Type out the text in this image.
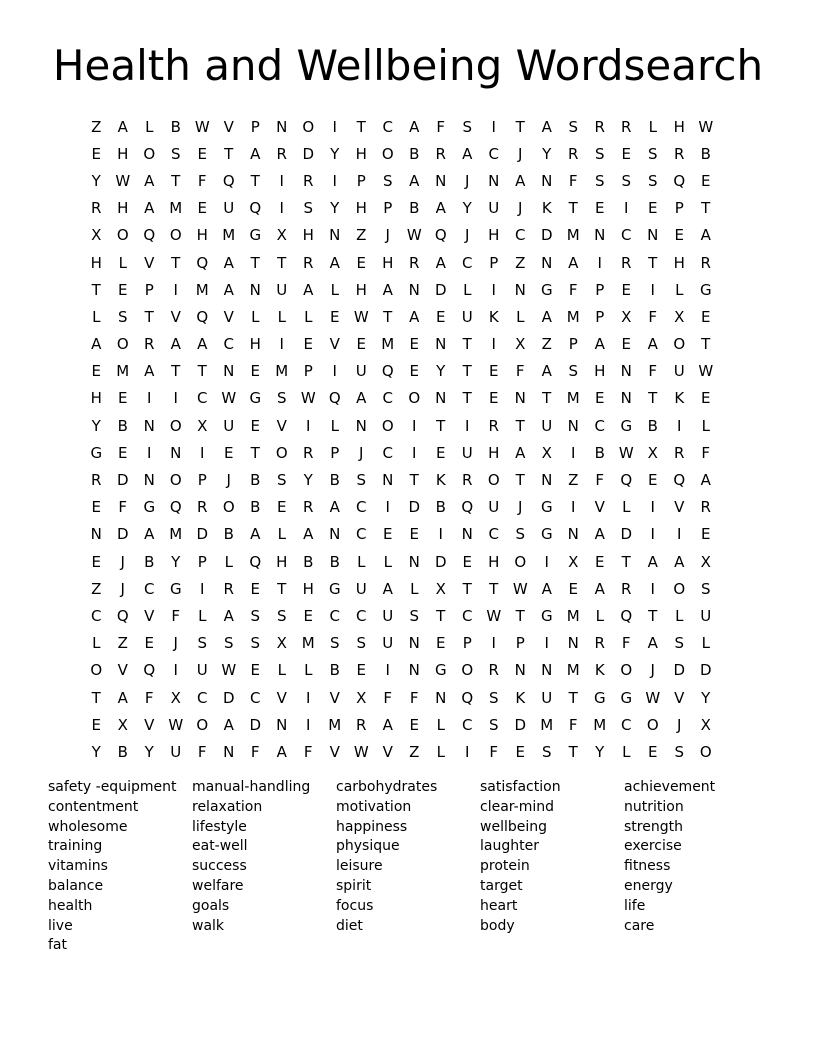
Health and Wellbeing Wordsearch
Z	A	L	B W V	P	N O	I	T	C	A	F	S	I	T	A	S	R	R	L	H W
E	H O	S	E	T	A	R	D	Y	H O	B	R	A	C	J	Y	R	S	E	S	R	B
Y W A	T	F	Q	T	I	R	I	P	S	A	N	J	N	A	N	F	S	S	S	Q	E
R	H	A M	E	U	Q	I	S	Y	H	P	B	A	Y	U	J	K	T	E	I	E	P	T
X	O Q O H M G	X	H	N	Z	J	W Q	J	H	C	D M N	C	N	E	A
H	L	V	T	Q	A	T	T	R	A	E	H	R	A	C	P	Z	N	A	I	R	T	H	R
T	E	P	I	M A	N	U	A	L	H	A	N	D	L	I	N	G	F	P	E	I	L	G
L	S	T	V	Q	V	L	L	L	E W T	A	E	U	K	L	A M	P	X	F	X	E
A	O	R	A	A	C	H	I	E	V	E	M	E	N	T	I	X	Z	P	A	E	A	O	T
E	M A	T	T	N	E	M	P	I	U	Q	E	Y	T	E	F	A	S	H	N	F	U W
H	E	I	I	C W G	S W Q	A	C	O N	T	E	N	T	M	E	N	T	K	E
Y	B	N O	X	U	E	V	I	L	N O	I	T	I	R	T	U	N	C	G	B	I	L
G	E	I	N	I	E	T	O	R	P	J	C	I	E	U	H	A	X	I	B W X	R	F
R	D	N O	P	J	B	S	Y	B	S	N	T	K	R	O	T	N	Z	F	Q	E	Q	A
E	F	G Q	R	O	B	E	R	A	C	I	D	B	Q	U	J	G	I	V	L	I	V	R
N	D	A M D	B	A	L	A	N	C	E	E	I	N	C	S	G	N	A	D	I	I	E
E	J	B	Y	P	L	Q H	B	B	L	L	N	D	E	H O	I	X	E	T	A	A	X
Z	J	C	G	I	R	E	T	H	G	U	A	L	X	T	T W A	E	A	R	I	O	S
C	Q	V	F	L	A	S	S	E	C	C	U	S	T	C W T	G M	L	Q	T	L	U
L	Z	E	J	S	S	S	X M	S	S	U	N	E	P	I	P	I	N	R	F	A	S	L
O	V	Q	I	U W E	L	L	B	E	I	N	G O	R	N	N M	K	O	J	D D
T	A	F	X	C	D	C	V	I	V	X	F	F	N Q	S	K	U	T	G G W V	Y
E	X	V W O	A	D	N	I	M R	A	E	L	C	S	D M	F	M C	O	J	X
Y	B	Y	U	F	N	F	A	F	V W V	Z	L	I	F	E	S	T	Y	L	E	S	O
safety -equipment
contentment
wholesome
training
vitamins
balance
health
live
fat
manual-handling
relaxation
lifestyle
eat-well
success
welfare
goals
walk
carbohydrates
motivation
happiness
physique
leisure
spirit
focus
diet
satisfaction
clear-mind
wellbeing
laughter
protein
target
heart
body
achievement
nutrition
strength
exercise
fitness
energy
life
care
